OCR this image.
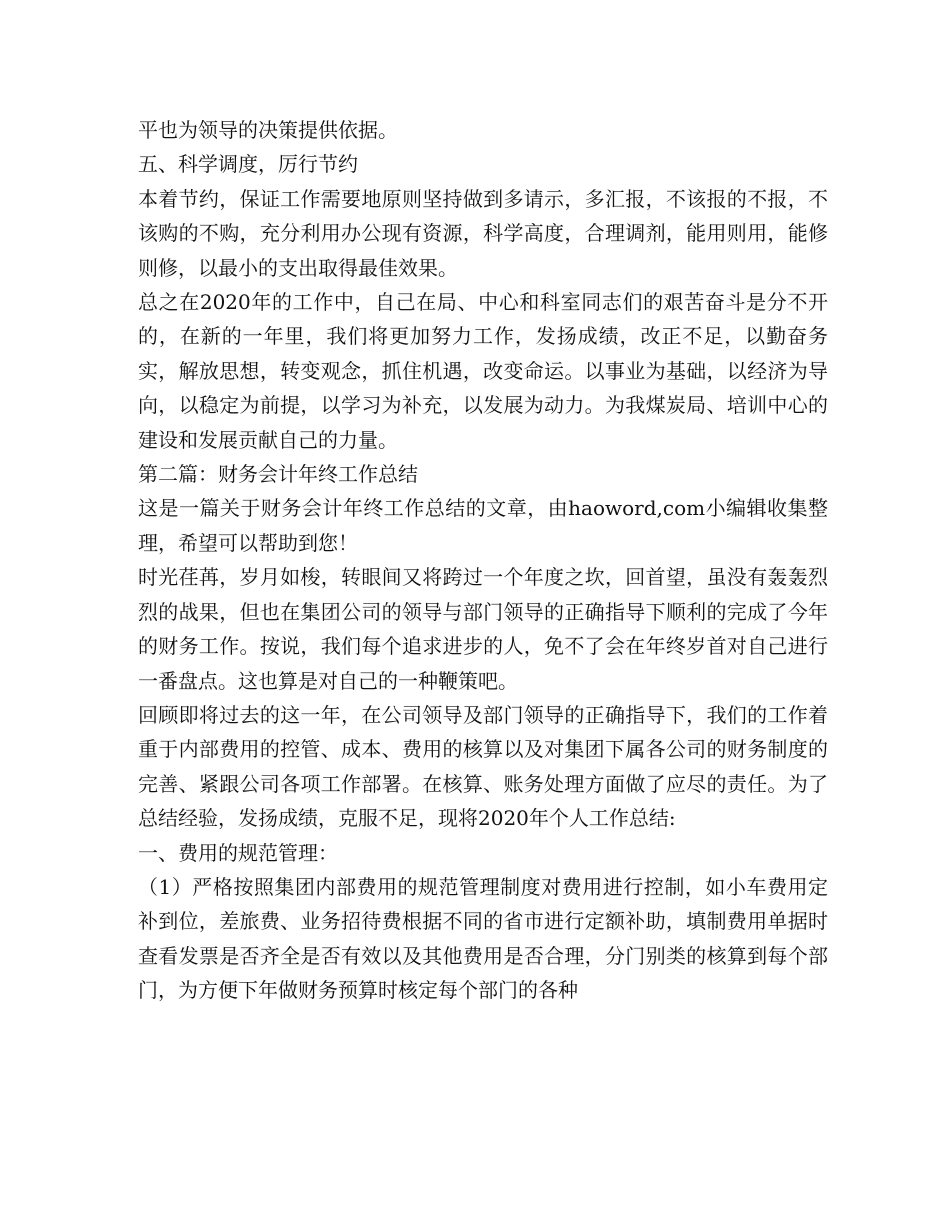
平也为领导的决策提供依据。

五、科学调度，厉行节约

本着节约，保证工作需要地原则坚持做到多请示，多汇报，不该报的不报，不该购的不购，充分利用办公现有资源，科学高度，合理调剂，能用则用，能修则修，以最小的支出取得最佳效果。

总之在2020年的工作中，自己在局、中心和科室同志们的艰苦奋斗是分不开的，在新的一年里，我们将更加努力工作，发扬成绩，改正不足，以勤奋务实，解放思想，转变观念，抓住机遇，改变命运。以事业为基础，以经济为导向，以稳定为前提，以学习为补充，以发展为动力。为我煤炭局、培训中心的建设和发展贡献自己的力量。

第二篇：财务会计年终工作总结

这是一篇关于财务会计年终工作总结的文章，由haoword,com小编辑收集整理，希望可以帮助到您！

时光荏苒，岁月如梭，转眼间又将跨过一个年度之坎，回首望，虽没有轰轰烈烈的战果，但也在集团公司的领导与部门领导的正确指导下顺利的完成了今年的财务工作。按说，我们每个追求进步的人，免不了会在年终岁首对自己进行一番盘点。这也算是对自己的一种鞭策吧。

回顾即将过去的这一年，在公司领导及部门领导的正确指导下，我们的工作着重于内部费用的控管、成本、费用的核算以及对集团下属各公司的财务制度的完善、紧跟公司各项工作部署。在核算、账务处理方面做了应尽的责任。为了总结经验，发扬成绩，克服不足，现将2020年个人工作总结:

一、费用的规范管理：

（1）严格按照集团内部费用的规范管理制度对费用进行控制，如小车费用定补到位，差旅费、业务招待费根据不同的省市进行定额补助，填制费用单据时查看发票是否齐全是否有效以及其他费用是否合理，分门别类的核算到每个部门，为方便下年做财务预算时核定每个部门的各种
